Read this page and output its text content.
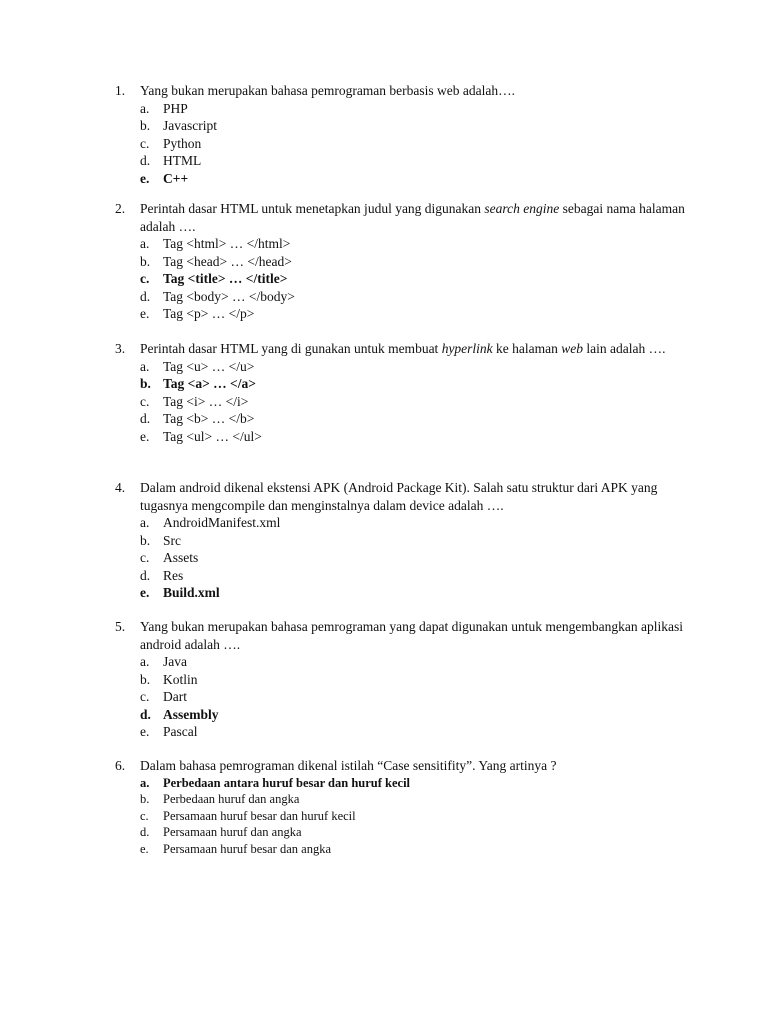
1.	Yang bukan merupakan bahasa pemrograman berbasis web adalah….
a.	PHP
b. Javascript
c.	Python
d. HTML
e.	C++
2.	Perintah dasar HTML untuk menetapkan judul yang digunakan search engine sebagai nama halaman adalah ….
a.	Tag <html> … </html>
b. Tag <head> … </head>
c.	Tag <title> … </title>
d. Tag <body> … </body>
e.	Tag <p> … </p>
3.	Perintah dasar HTML yang di gunakan untuk membuat hyperlink ke halaman web lain adalah ….
a.	Tag <u> … </u>
b. Tag <a> … </a>
c.	Tag <i> … </i>
d. Tag <b> … </b>
e.	Tag <ul> … </ul>
4.	Dalam android dikenal ekstensi APK (Android Package Kit). Salah satu struktur dari APK yang tugasnya mengcompile dan menginstalnya dalam device adalah ….
a.	AndroidManifest.xml
b. Src
c.	Assets
d. Res
e.	Build.xml
5.	Yang bukan merupakan bahasa pemrograman yang dapat digunakan untuk mengembangkan aplikasi android adalah ….
a.	Java
b. Kotlin
c.	Dart
d. Assembly
e.	Pascal
6.	Dalam bahasa pemrograman dikenal istilah “Case sensitifity”. Yang artinya ?
a.	Perbedaan antara huruf besar dan huruf kecil
b.	Perbedaan huruf dan angka
c.	Persamaan huruf besar dan huruf kecil
d.	Persamaan huruf dan angka
e.	Persamaan huruf besar dan angka
